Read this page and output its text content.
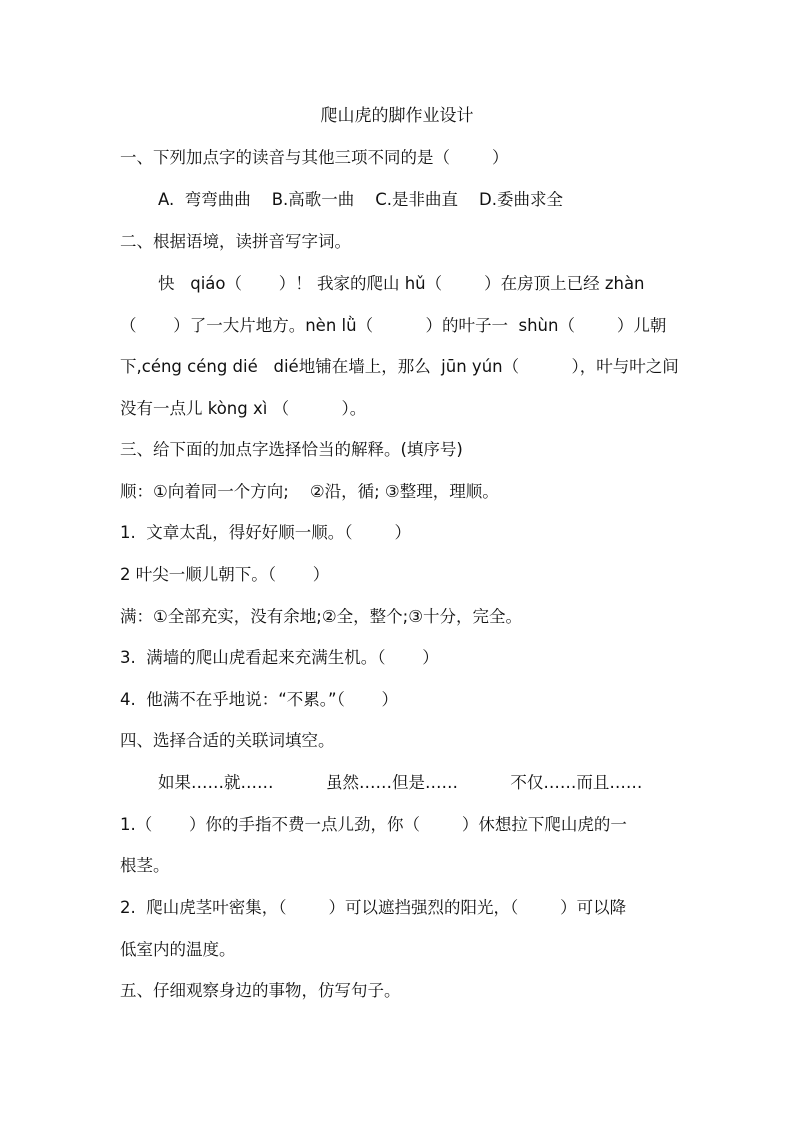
爬山虎的脚作业设计
一、下列加点字的读音与其他三项不同的是（        ）
A.  弯弯曲曲    B.高歌一曲    C.是非曲直    D.委曲求全
二、根据语境，读拼音写字词。
快   qiáo（       ）！ 我家的爬山 hǔ（        ）在房顶上已经 zhàn
（       ）了一大片地方。nèn lǜ（          ）的叶子一  shùn（        ）儿朝
下,céng céng dié   dié地铺在墙上，那么  jūn yún（          ），叶与叶之间
没有一点儿 kòng xì （          ）。
三、给下面的加点字选择恰当的解释。(填序号)
顺：①向着同一个方向;    ②沿，循; ③整理，理顺。
1.  文章太乱，得好好顺一顺。（        ）
2 叶尖一顺儿朝下。（       ）
满：①全部充实，没有余地;②全，整个;③十分，完全。
3.  满墙的爬山虎看起来充满生机。（       ）
4.  他满不在乎地说：“不累。”（       ）
四、选择合适的关联词填空。
如果……就……          虽然……但是……          不仅……而且……
1.（       ）你的手指不费一点儿劲，你（        ）休想拉下爬山虎的一
根茎。
2.  爬山虎茎叶密集，（        ）可以遮挡强烈的阳光，（        ）可以降
低室内的温度。
五、仔细观察身边的事物，仿写句子。
